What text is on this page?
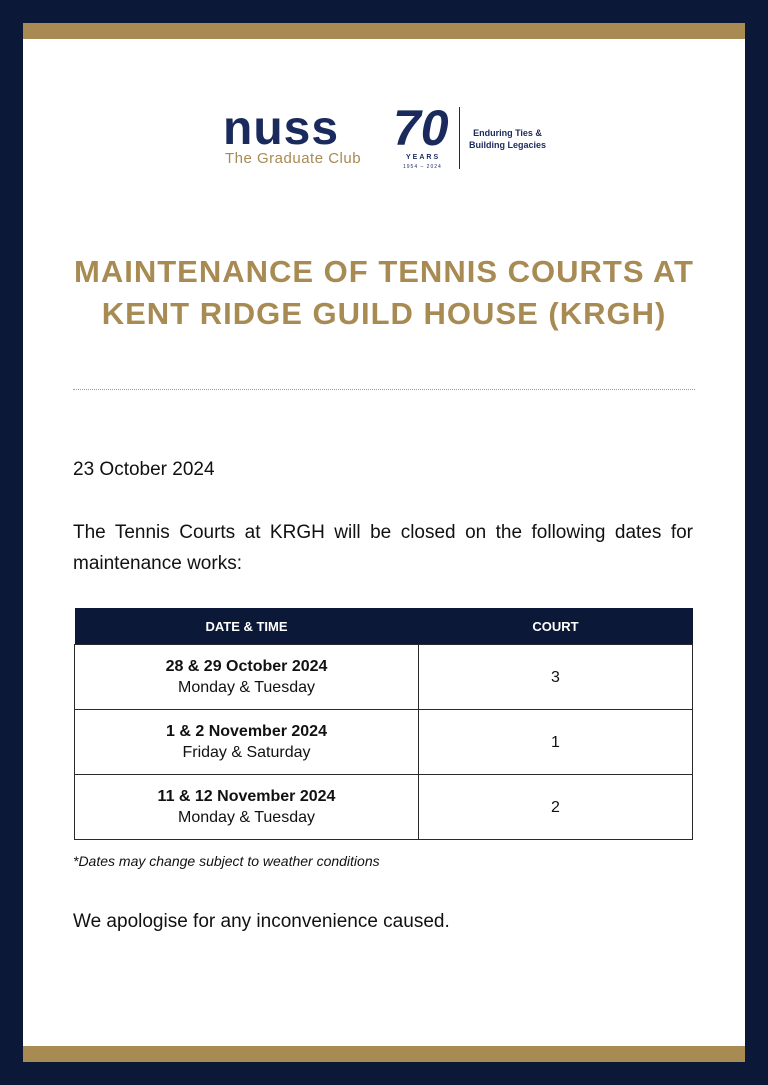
nuss
The Graduate Club
70
YEARS
1954 – 2024
Enduring Ties &
Building Legacies
MAINTENANCE OF TENNIS COURTS AT
KENT RIDGE GUILD HOUSE (KRGH)
23 October 2024
The Tennis Courts at KRGH will be closed on the following dates for maintenance works:
DATE & TIME	COURT

28 & 29 October 2024
Monday & Tuesday	3

1 & 2 November 2024
Friday & Saturday	1

11 & 12 November 2024
Monday & Tuesday	2
*Dates may change subject to weather conditions
We apologise for any inconvenience caused.
